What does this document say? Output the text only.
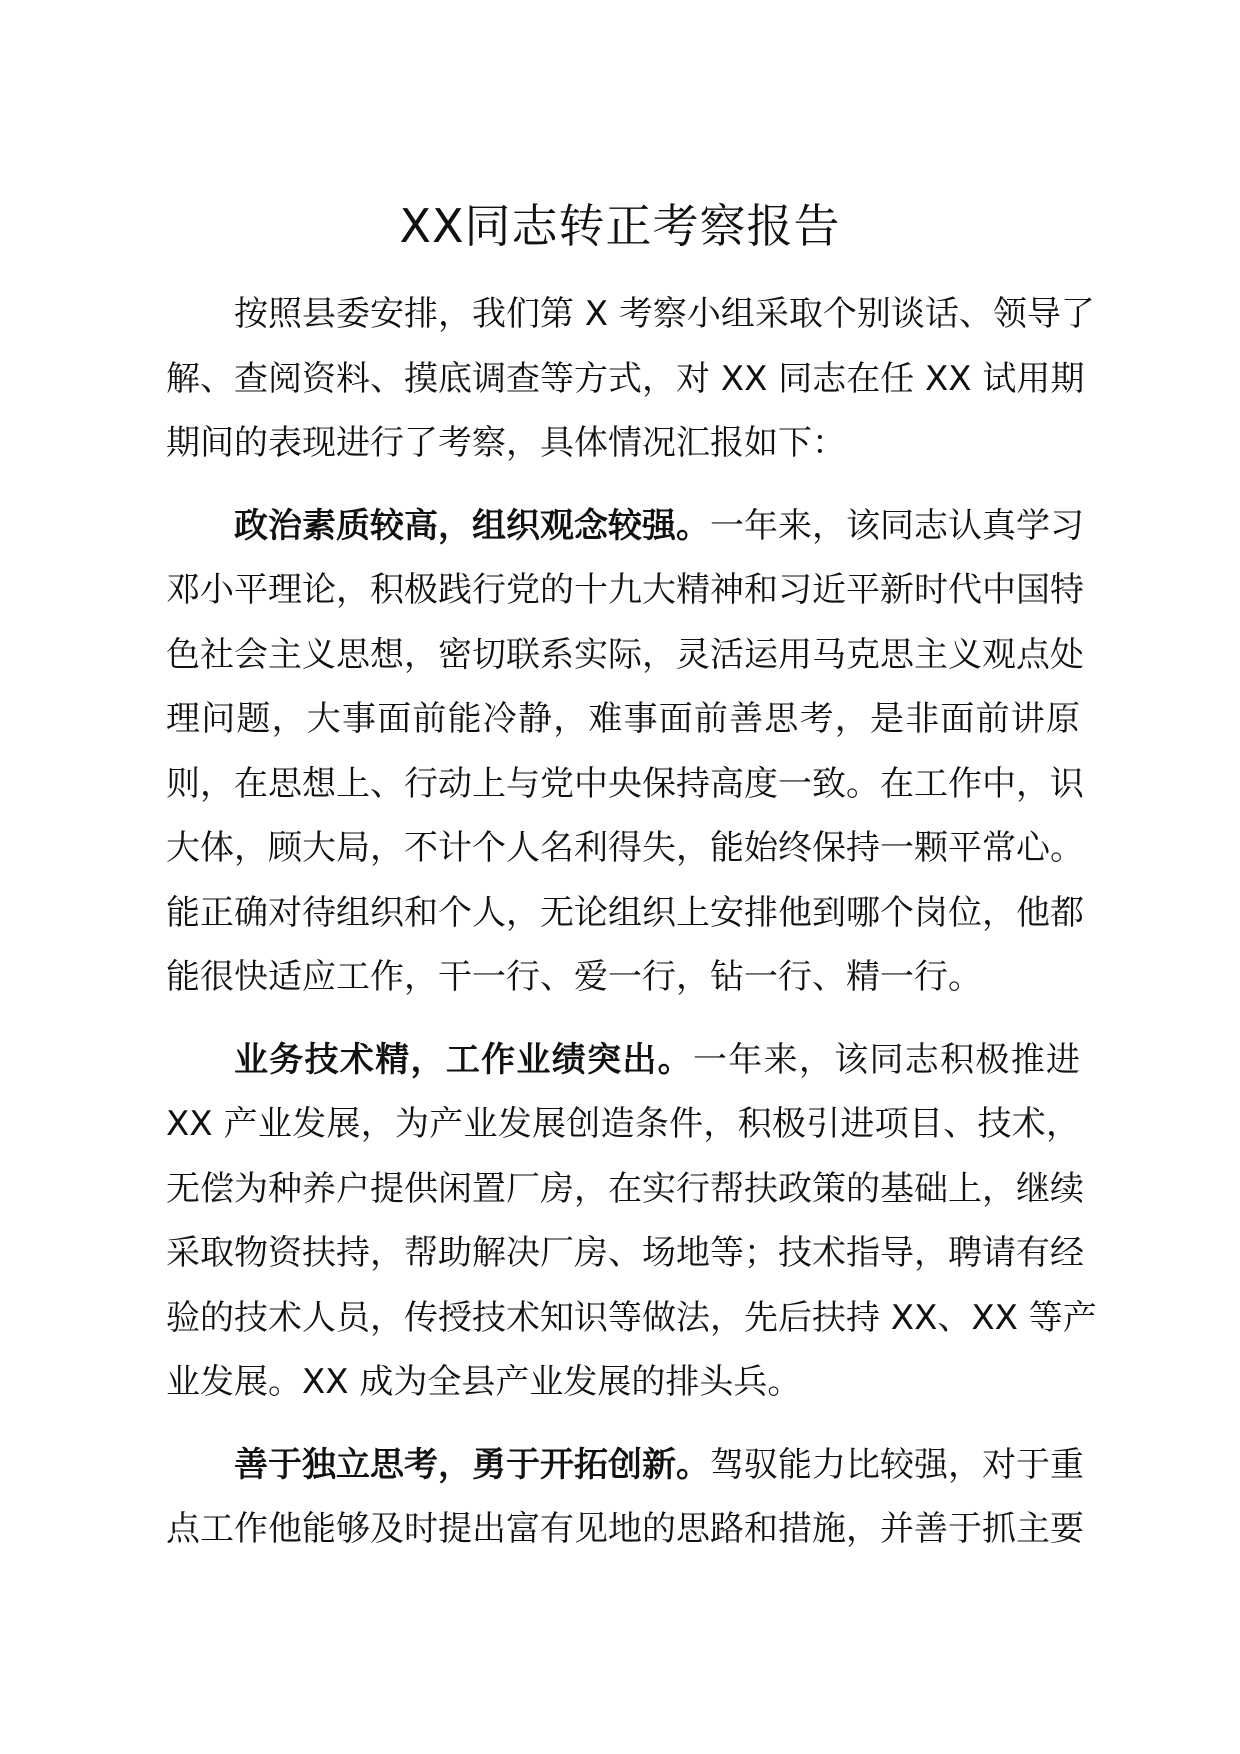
XX同志转正考察报告
按照县委安排，我们第 X 考察小组采取个别谈话、领导了
解、查阅资料、摸底调查等方式，对 XX 同志在任 XX 试用期
期间的表现进行了考察，具体情况汇报如下：
政治素质较高，组织观念较强。一年来，该同志认真学习
邓小平理论，积极践行党的十九大精神和习近平新时代中国特
色社会主义思想，密切联系实际，灵活运用马克思主义观点处
理问题，大事面前能冷静，难事面前善思考，是非面前讲原
则，在思想上、行动上与党中央保持高度一致。在工作中，识
大体，顾大局，不计个人名利得失，能始终保持一颗平常心。
能正确对待组织和个人，无论组织上安排他到哪个岗位，他都
能很快适应工作，干一行、爱一行，钻一行、精一行。
业务技术精，工作业绩突出。一年来，该同志积极推进
XX 产业发展，为产业发展创造条件，积极引进项目、技术，
无偿为种养户提供闲置厂房，在实行帮扶政策的基础上，继续
采取物资扶持，帮助解决厂房、场地等；技术指导，聘请有经
验的技术人员，传授技术知识等做法，先后扶持 XX、XX 等产
业发展。XX 成为全县产业发展的排头兵。
善于独立思考，勇于开拓创新。驾驭能力比较强，对于重
点工作他能够及时提出富有见地的思路和措施，并善于抓主要
